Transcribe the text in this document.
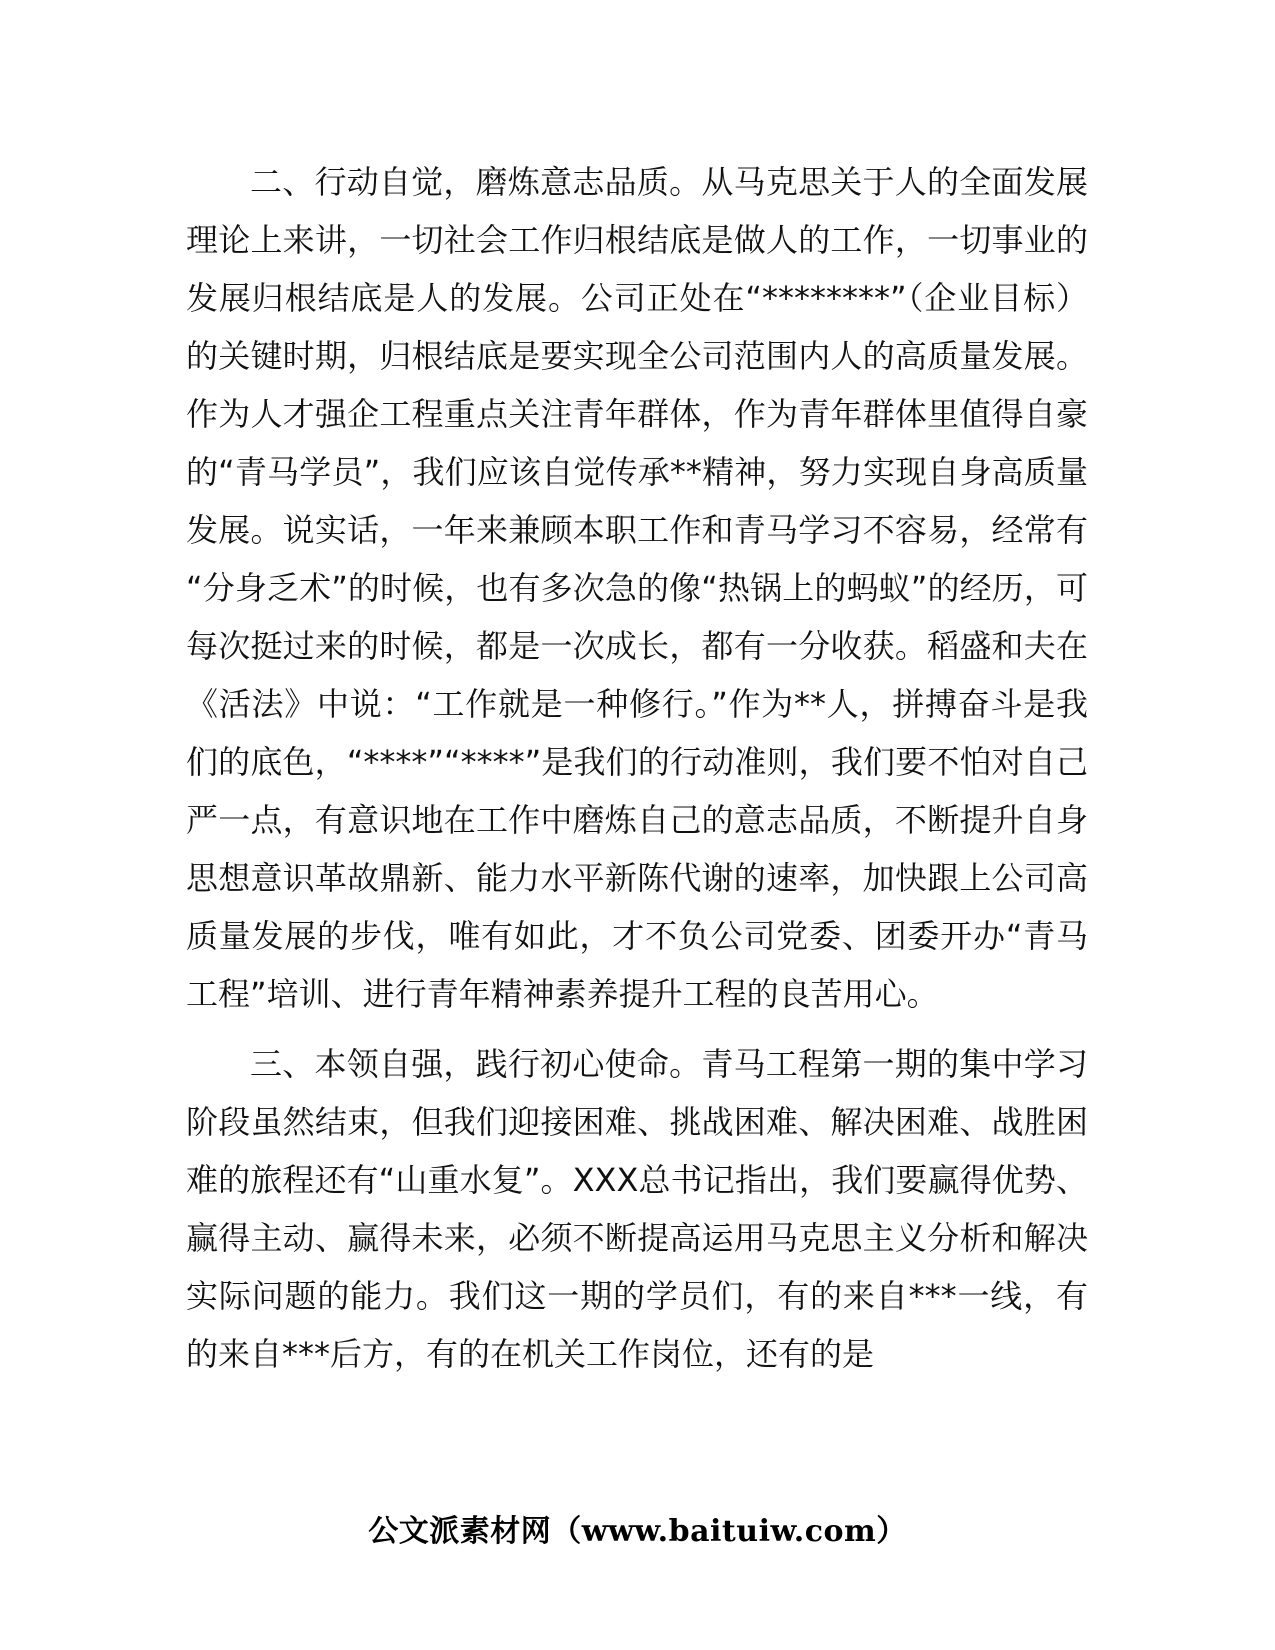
二、行动自觉，磨炼意志品质。从马克思关于人的全面发展理论上来讲，一切社会工作归根结底是做人的工作，一切事业的发展归根结底是人的发展。公司正处在“********”（企业目标）的关键时期，归根结底是要实现全公司范围内人的高质量发展。作为人才强企工程重点关注青年群体，作为青年群体里值得自豪的“青马学员”，我们应该自觉传承**精神，努力实现自身高质量发展。说实话，一年来兼顾本职工作和青马学习不容易，经常有“分身乏术”的时候，也有多次急的像“热锅上的蚂蚁”的经历，可每次挺过来的时候，都是一次成长，都有一分收获。稻盛和夫在《活法》中说：“工作就是一种修行。”作为**人，拼搏奋斗是我们的底色，“****”“****”是我们的行动准则，我们要不怕对自己严一点，有意识地在工作中磨炼自己的意志品质，不断提升自身思想意识革故鼎新、能力水平新陈代谢的速率，加快跟上公司高质量发展的步伐，唯有如此，才不负公司党委、团委开办“青马工程”培训、进行青年精神素养提升工程的良苦用心。

三、本领自强，践行初心使命。青马工程第一期的集中学习阶段虽然结束，但我们迎接困难、挑战困难、解决困难、战胜困难的旅程还有“山重水复”。XXX总书记指出，我们要赢得优势、赢得主动、赢得未来，必须不断提高运用马克思主义分析和解决实际问题的能力。我们这一期的学员们，有的来自***一线，有的来自***后方，有的在机关工作岗位，还有的是

公文派素材网（www.baituiw.com）
